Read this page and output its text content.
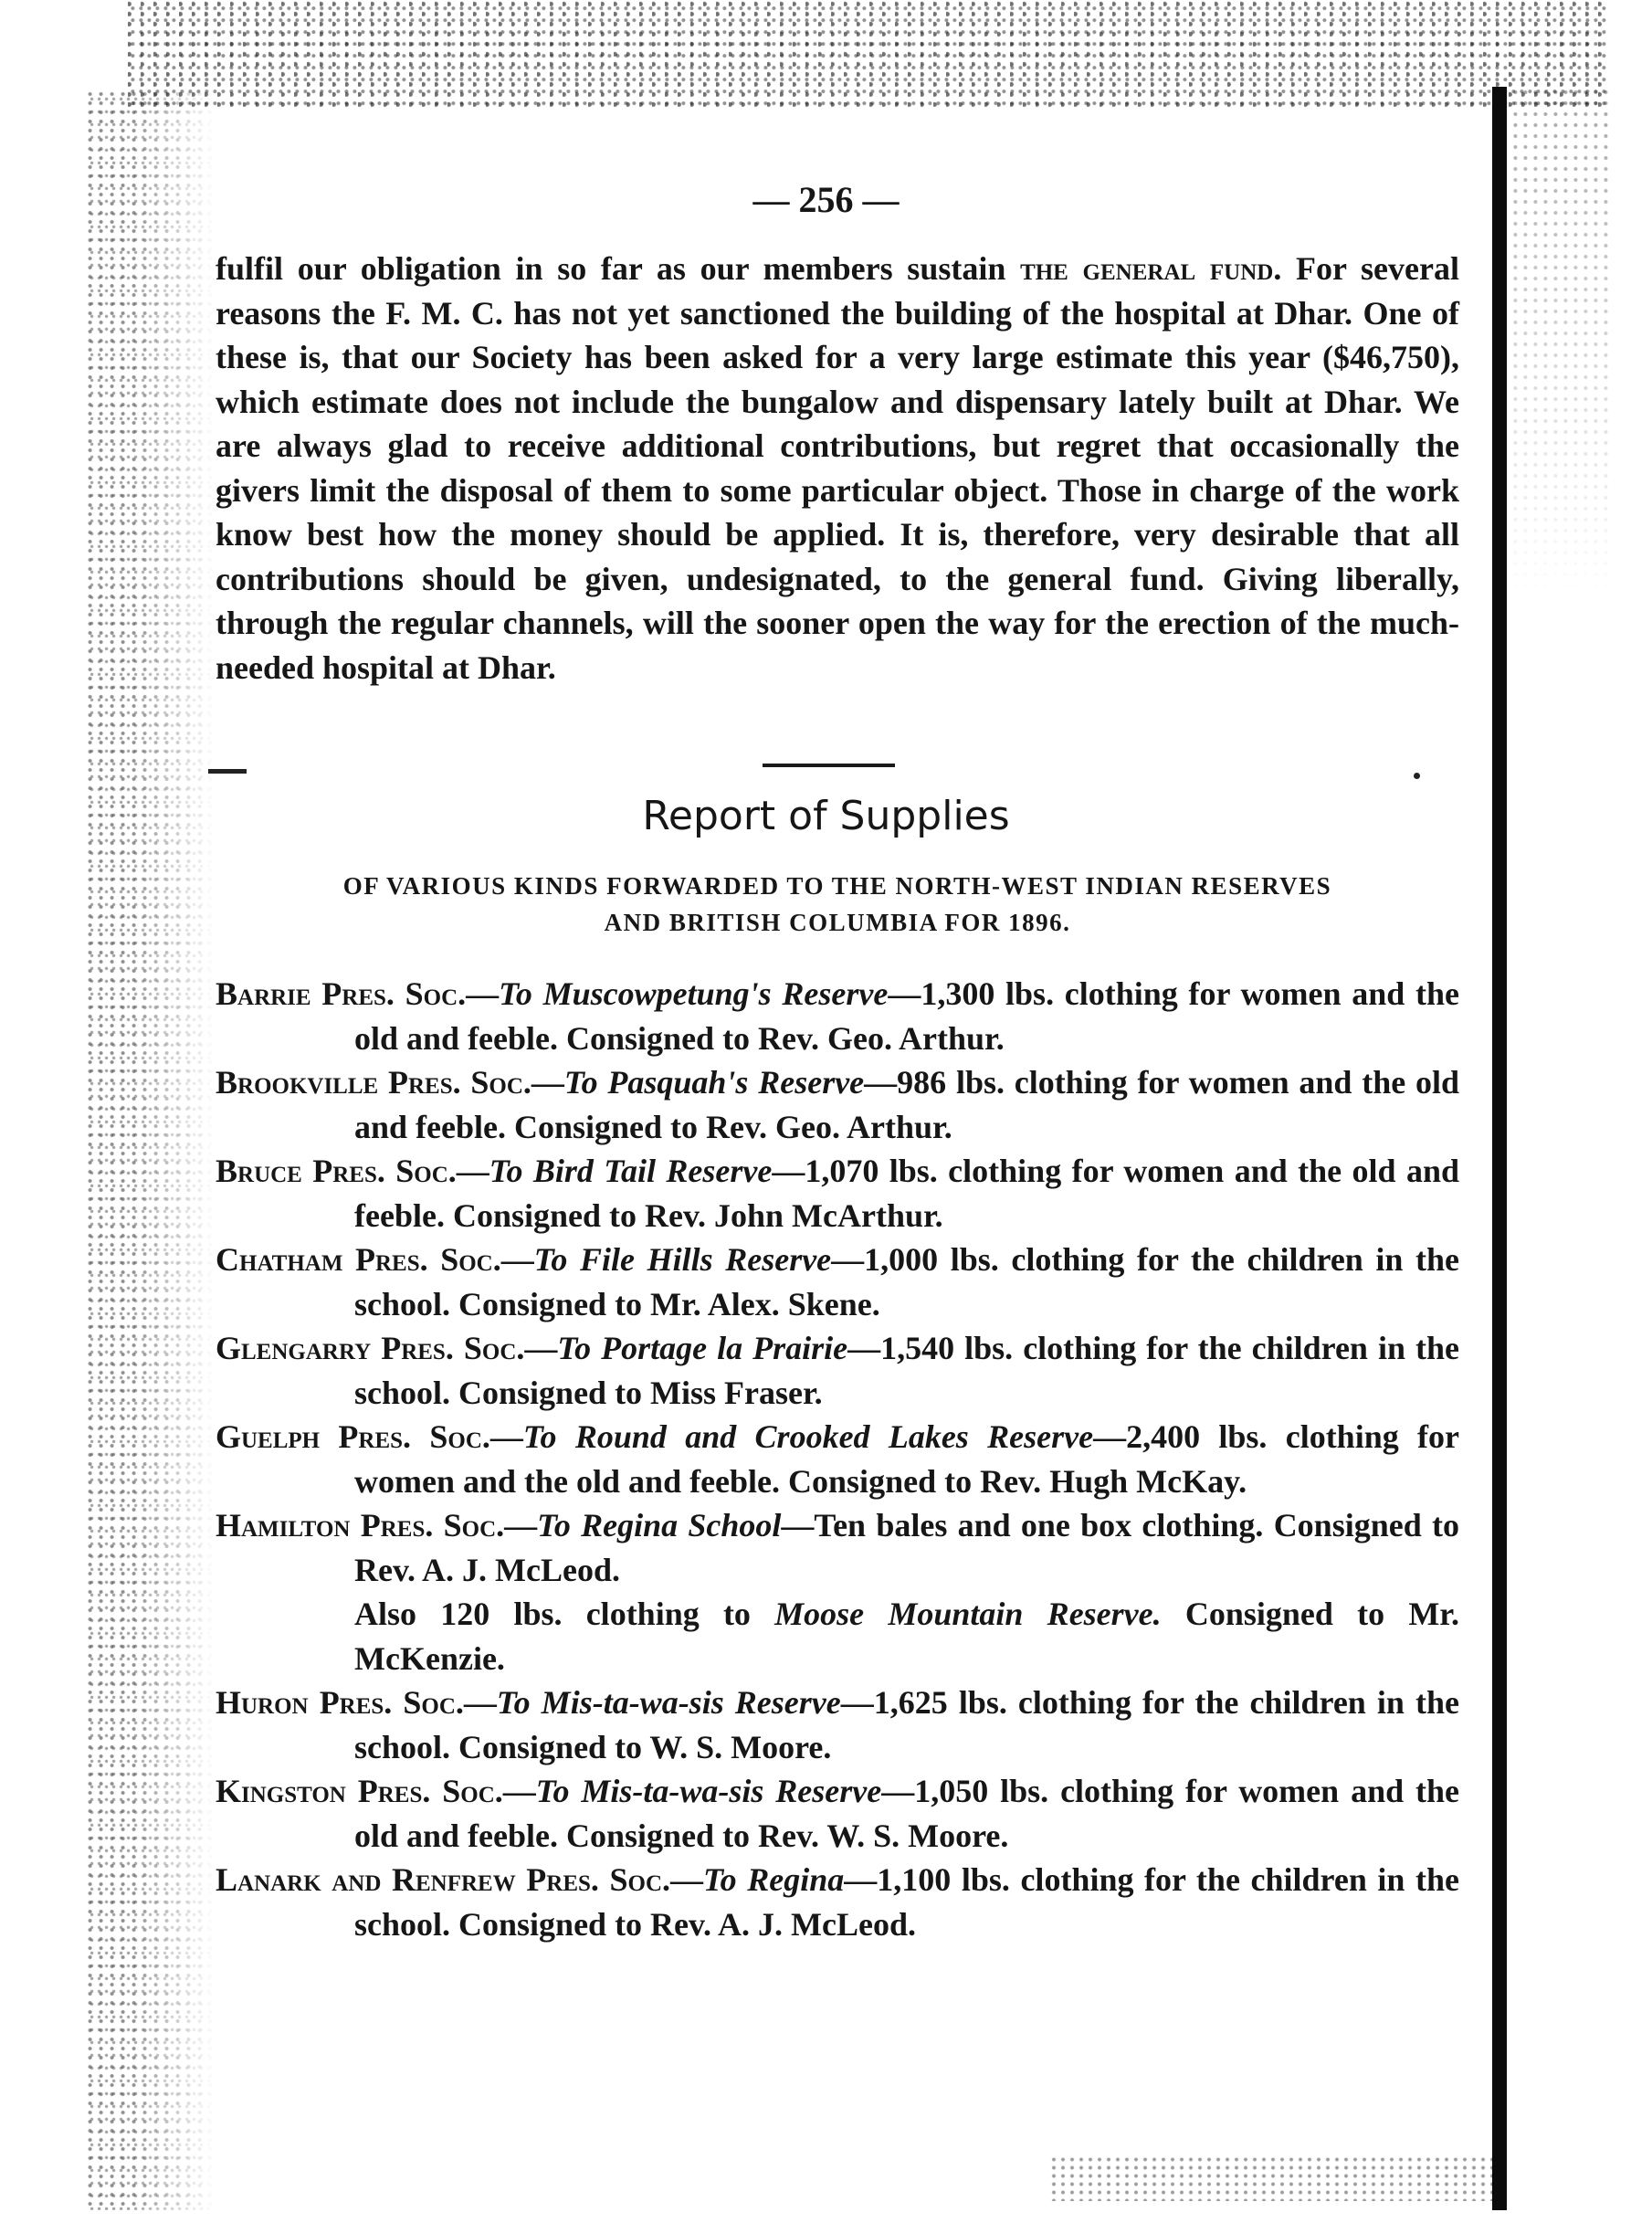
— 256 —

fulfil our obligation in so far as our members sustain the general fund. For several reasons the F. M. C. has not yet sanctioned the building of the hospital at Dhar. One of these is, that our Society has been asked for a very large estimate this year ($46,750), which estimate does not include the bungalow and dispensary lately built at Dhar. We are always glad to receive additional contributions, but regret that occasionally the givers limit the disposal of them to some particular object. Those in charge of the work know best how the money should be applied. It is, therefore, very desirable that all contributions should be given, undesignated, to the general fund. Giving liberally, through the regular channels, will the sooner open the way for the erection of the much-needed hospital at Dhar.

Report of Supplies
OF VARIOUS KINDS FORWARDED TO THE NORTH-WEST INDIAN RESERVES
AND BRITISH COLUMBIA FOR 1896.

Barrie Pres. Soc.—To Muscowpetung's Reserve—1,300 lbs. clothing for women and the old and feeble. Consigned to Rev. Geo. Arthur.

Brookville Pres. Soc.—To Pasquah's Reserve—986 lbs. clothing for women and the old and feeble. Consigned to Rev. Geo. Arthur.

Bruce Pres. Soc.—To Bird Tail Reserve—1,070 lbs. clothing for women and the old and feeble. Consigned to Rev. John McArthur.

Chatham Pres. Soc.—To File Hills Reserve—1,000 lbs. clothing for the children in the school. Consigned to Mr. Alex. Skene.

Glengarry Pres. Soc.—To Portage la Prairie—1,540 lbs. clothing for the children in the school. Consigned to Miss Fraser.

Guelph Pres. Soc.—To Round and Crooked Lakes Reserve—2,400 lbs. clothing for women and the old and feeble. Consigned to Rev. Hugh McKay.

Hamilton Pres. Soc.—To Regina School—Ten bales and one box clothing. Consigned to Rev. A. J. McLeod.

Also 120 lbs. clothing to Moose Mountain Reserve. Consigned to Mr. McKenzie.

Huron Pres. Soc.—To Mis-ta-wa-sis Reserve—1,625 lbs. clothing for the children in the school. Consigned to W. S. Moore.

Kingston Pres. Soc.—To Mis-ta-wa-sis Reserve—1,050 lbs. clothing for women and the old and feeble. Consigned to Rev. W. S. Moore.

Lanark and Renfrew Pres. Soc.—To Regina—1,100 lbs. clothing for the children in the school. Consigned to Rev. A. J. McLeod.
